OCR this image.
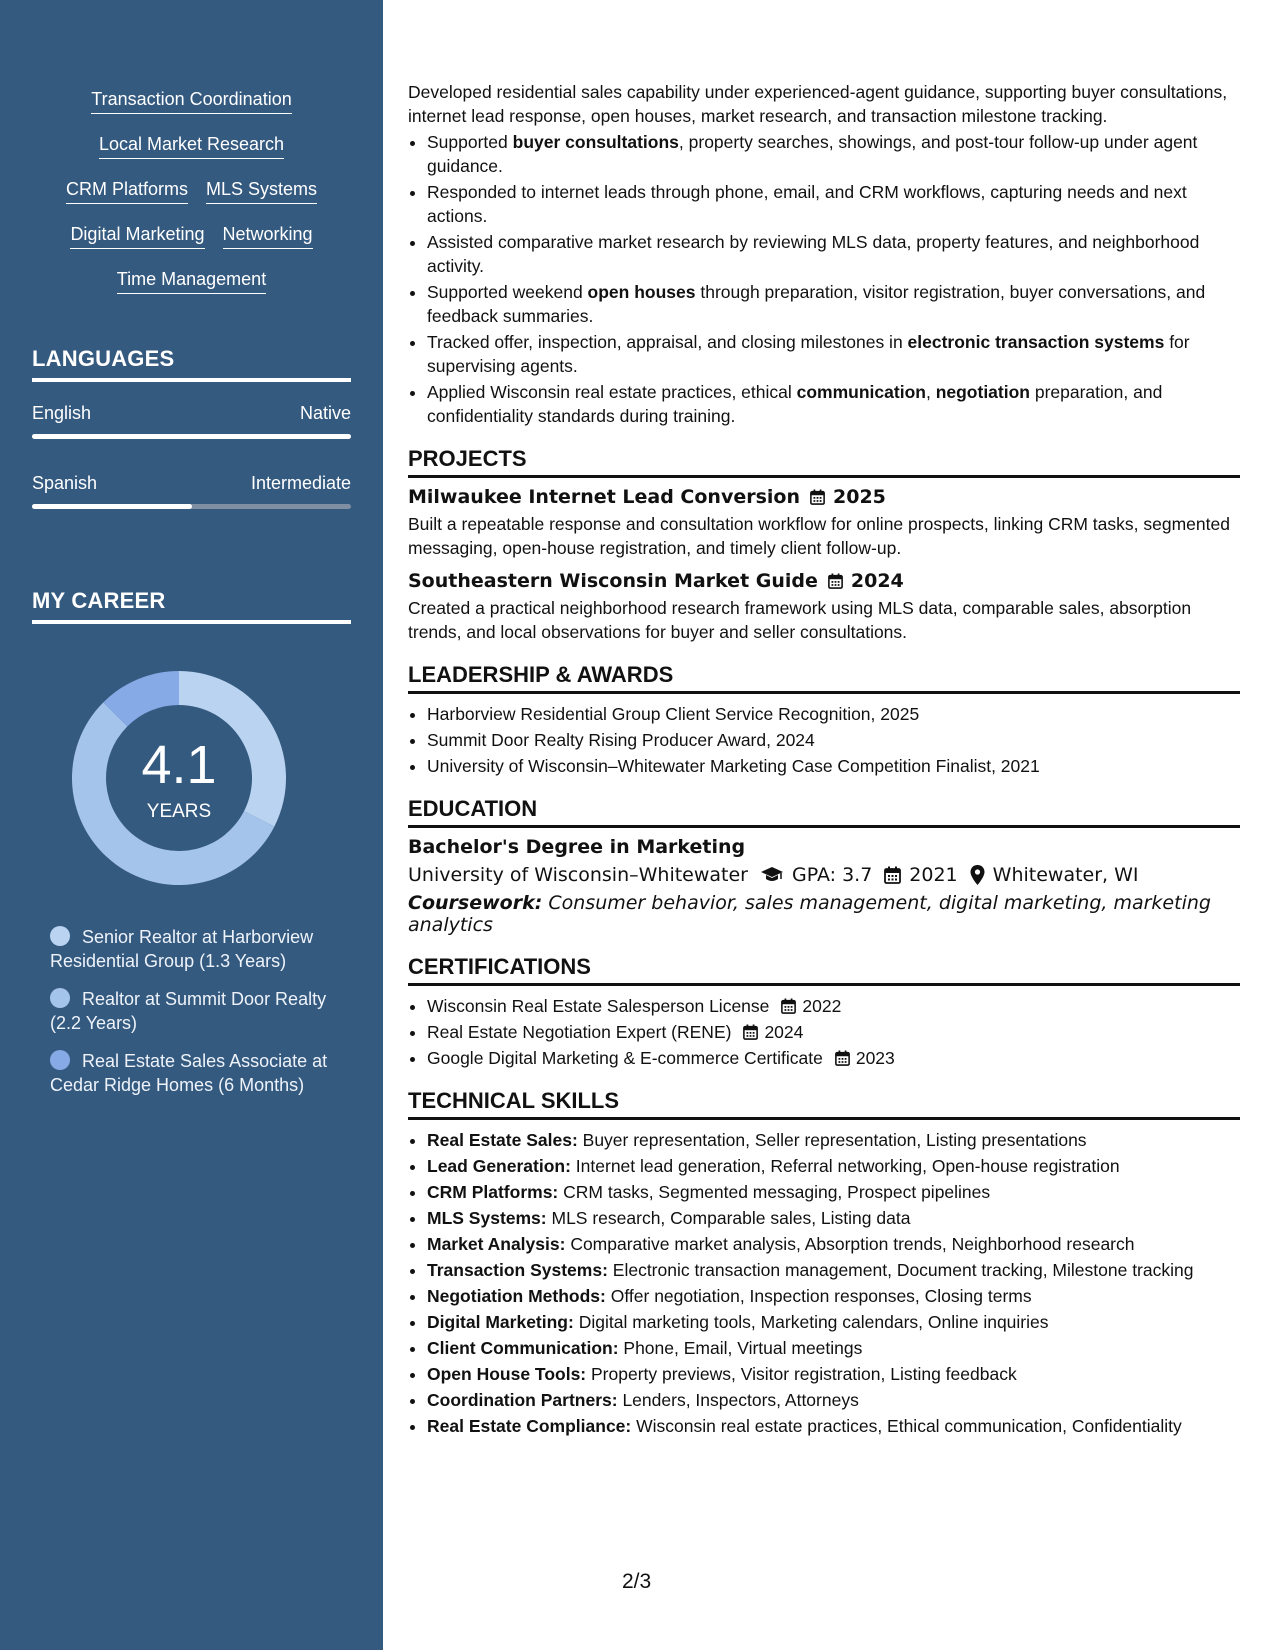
Transaction Coordination
Local Market Research
CRM Platforms MLS Systems
Digital Marketing Networking
Time Management
LANGUAGES
English	Native
Spanish	Intermediate
MY CAREER
4.1
YEARS
Senior Realtor at Harborview Residential Group (1.3 Years)
Realtor at Summit Door Realty (2.2 Years)
Real Estate Sales Associate at Cedar Ridge Homes (6 Months)
Developed residential sales capability under experienced-agent guidance, supporting buyer consultations, internet lead response, open houses, market research, and transaction milestone tracking.
• Supported buyer consultations, property searches, showings, and post-tour follow-up under agent guidance.
• Responded to internet leads through phone, email, and CRM workflows, capturing needs and next actions.
• Assisted comparative market research by reviewing MLS data, property features, and neighborhood activity.
• Supported weekend open houses through preparation, visitor registration, buyer conversations, and feedback summaries.
• Tracked offer, inspection, appraisal, and closing milestones in electronic transaction systems for supervising agents.
• Applied Wisconsin real estate practices, ethical communication, negotiation preparation, and confidentiality standards during training.
PROJECTS
Milwaukee Internet Lead Conversion 2025
Built a repeatable response and consultation workflow for online prospects, linking CRM tasks, segmented messaging, open-house registration, and timely client follow-up.
Southeastern Wisconsin Market Guide 2024
Created a practical neighborhood research framework using MLS data, comparable sales, absorption trends, and local observations for buyer and seller consultations.
LEADERSHIP & AWARDS
• Harborview Residential Group Client Service Recognition, 2025
• Summit Door Realty Rising Producer Award, 2024
• University of Wisconsin–Whitewater Marketing Case Competition Finalist, 2021
EDUCATION
Bachelor's Degree in Marketing
University of Wisconsin–Whitewater GPA: 3.7 2021 Whitewater, WI
Coursework: Consumer behavior, sales management, digital marketing, marketing analytics
CERTIFICATIONS
• Wisconsin Real Estate Salesperson License 2022
• Real Estate Negotiation Expert (RENE) 2024
• Google Digital Marketing & E-commerce Certificate 2023
TECHNICAL SKILLS
• Real Estate Sales: Buyer representation, Seller representation, Listing presentations
• Lead Generation: Internet lead generation, Referral networking, Open-house registration
• CRM Platforms: CRM tasks, Segmented messaging, Prospect pipelines
• MLS Systems: MLS research, Comparable sales, Listing data
• Market Analysis: Comparative market analysis, Absorption trends, Neighborhood research
• Transaction Systems: Electronic transaction management, Document tracking, Milestone tracking
• Negotiation Methods: Offer negotiation, Inspection responses, Closing terms
• Digital Marketing: Digital marketing tools, Marketing calendars, Online inquiries
• Client Communication: Phone, Email, Virtual meetings
• Open House Tools: Property previews, Visitor registration, Listing feedback
• Coordination Partners: Lenders, Inspectors, Attorneys
• Real Estate Compliance: Wisconsin real estate practices, Ethical communication, Confidentiality
2/3
